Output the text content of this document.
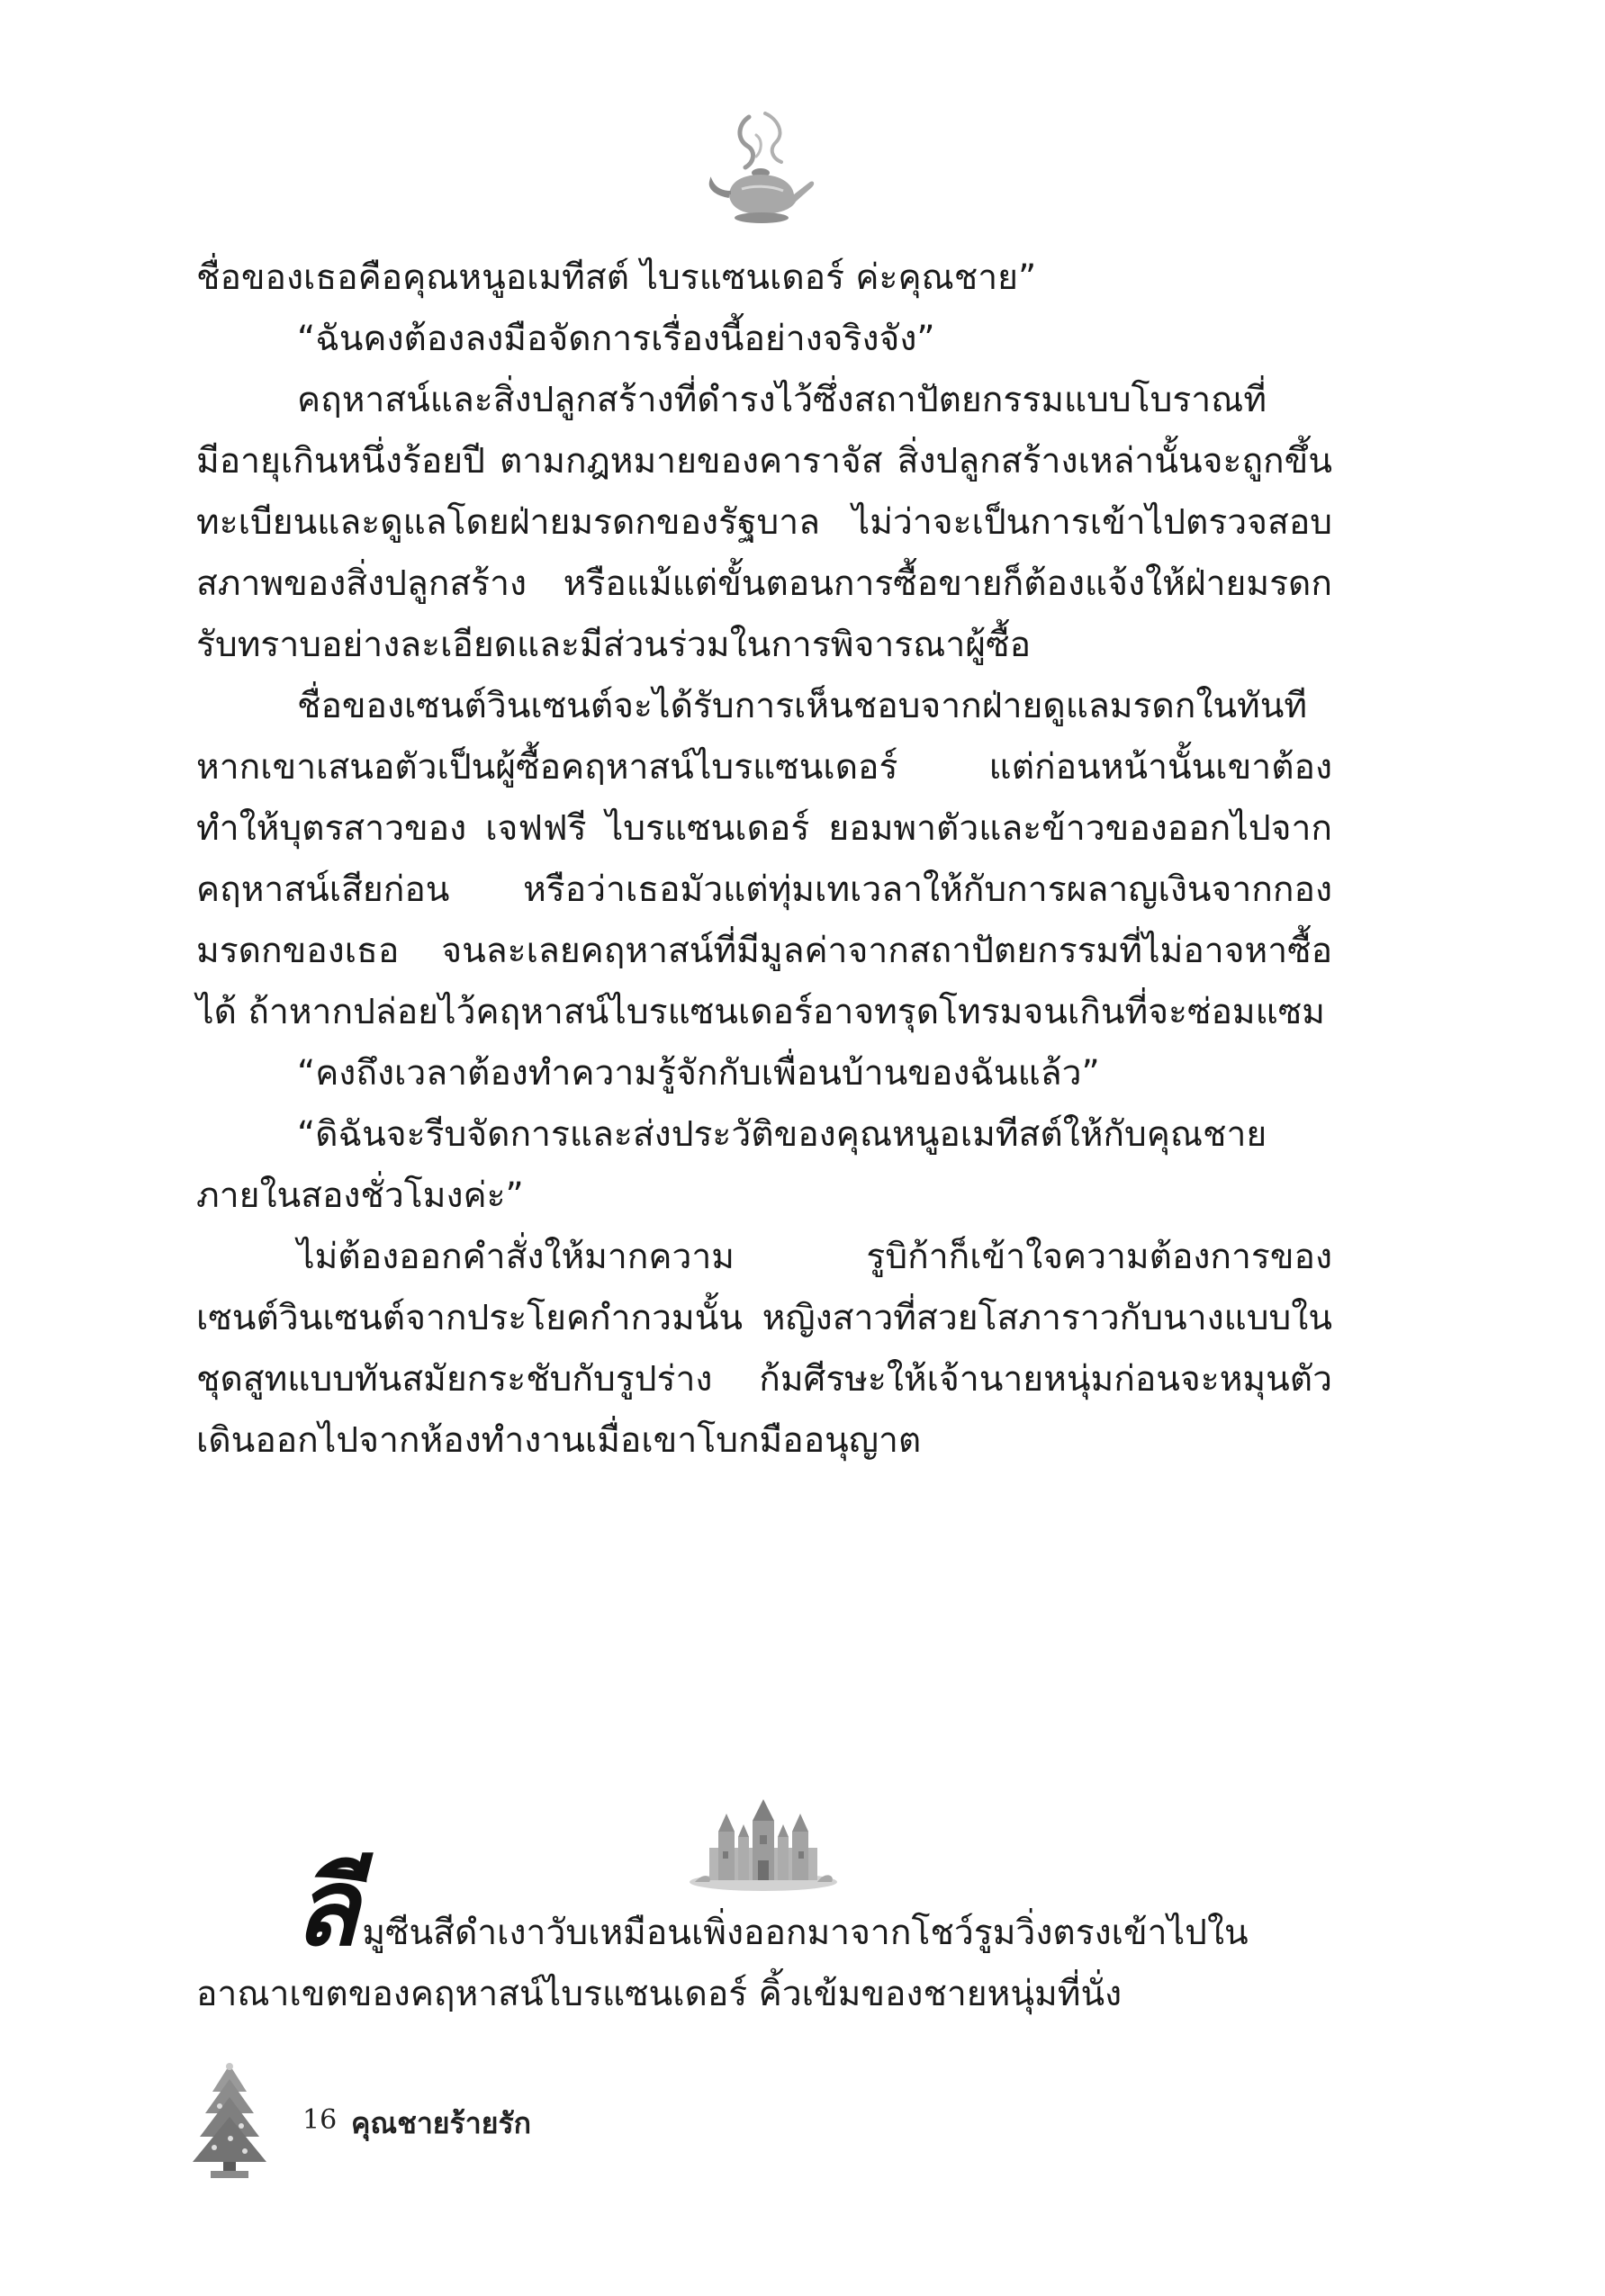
ชื่อของเธอคือคุณหนูอเมทีสต์ ไบรแซนเดอร์ ค่ะคุณชาย”

“ฉันคงต้องลงมือจัดการเรื่องนี้อย่างจริงจัง”

คฤหาสน์และสิ่งปลูกสร้างที่ดำรงไว้ซึ่งสถาปัตยกรรมแบบโบราณที่มีอายุเกินหนึ่งร้อยปี ตามกฎหมายของคาราจัส สิ่งปลูกสร้างเหล่านั้นจะถูกขึ้นทะเบียนและดูแลโดยฝ่ายมรดกของรัฐบาล ไม่ว่าจะเป็นการเข้าไปตรวจสอบสภาพของสิ่งปลูกสร้าง หรือแม้แต่ขั้นตอนการซื้อขายก็ต้องแจ้งให้ฝ่ายมรดกรับทราบอย่างละเอียดและมีส่วนร่วมในการพิจารณาผู้ซื้อ

ชื่อของเซนต์วินเซนต์จะได้รับการเห็นชอบจากฝ่ายดูแลมรดกในทันทีหากเขาเสนอตัวเป็นผู้ซื้อคฤหาสน์ไบรแซนเดอร์ แต่ก่อนหน้านั้นเขาต้องทำให้บุตรสาวของ เจฟฟรี ไบรแซนเดอร์ ยอมพาตัวและข้าวของออกไปจากคฤหาสน์เสียก่อน หรือว่าเธอมัวแต่ทุ่มเทเวลาให้กับการผลาญเงินจากกองมรดกของเธอ จนละเลยคฤหาสน์ที่มีมูลค่าจากสถาปัตยกรรมที่ไม่อาจหาซื้อได้ ถ้าหากปล่อยไว้คฤหาสน์ไบรแซนเดอร์อาจทรุดโทรมจนเกินที่จะซ่อมแซม

“คงถึงเวลาต้องทำความรู้จักกับเพื่อนบ้านของฉันแล้ว”

“ดิฉันจะรีบจัดการและส่งประวัติของคุณหนูอเมทีสต์ให้กับคุณชายภายในสองชั่วโมงค่ะ”

ไม่ต้องออกคำสั่งให้มากความ รูบิก้าก็เข้าใจความต้องการของเซนต์วินเซนต์จากประโยคกำกวมนั้น หญิงสาวที่สวยโสภาราวกับนางแบบในชุดสูทแบบทันสมัยกระชับกับรูปร่าง ก้มศีรษะให้เจ้านายหนุ่มก่อนจะหมุนตัวเดินออกไปจากห้องทำงานเมื่อเขาโบกมืออนุญาต

ลีมูซีนสีดำเงาวับเหมือนเพิ่งออกมาจากโชว์รูมวิ่งตรงเข้าไปในอาณาเขตของคฤหาสน์ไบรแซนเดอร์ คิ้วเข้มของชายหนุ่มที่นั่ง
16 คุณชายร้ายรัก
